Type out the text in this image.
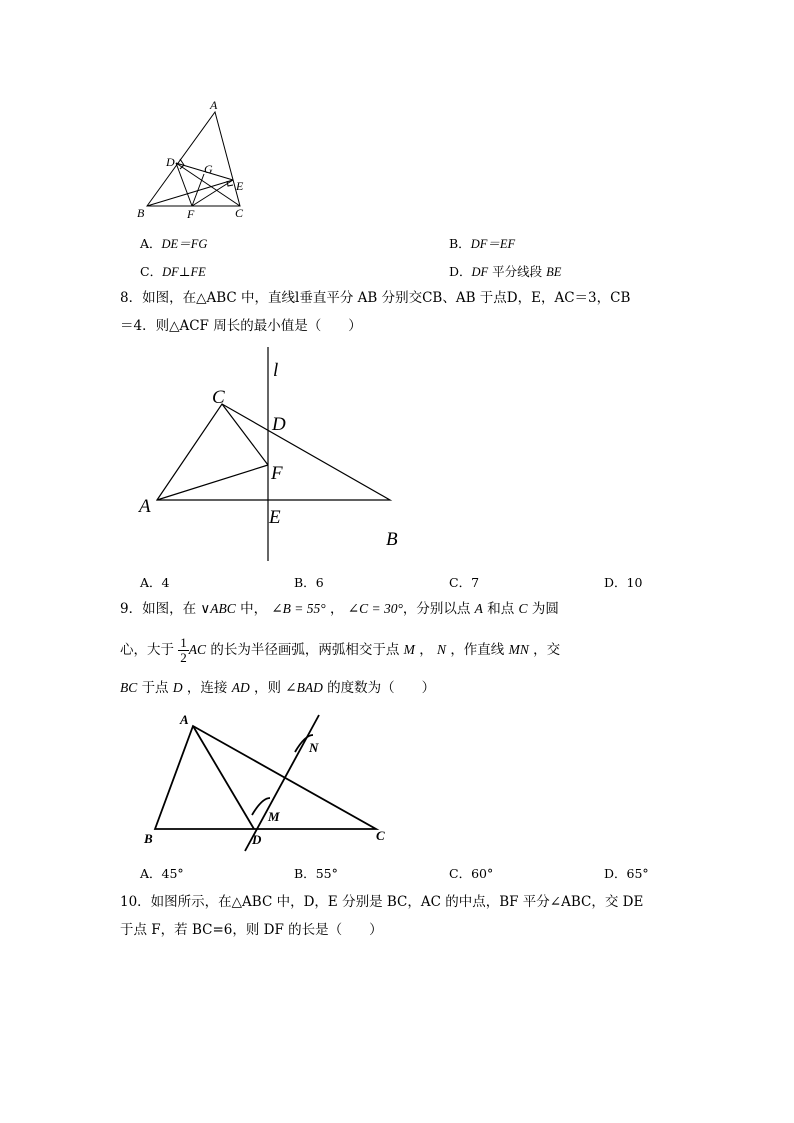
A
B	C
D
E
F
G
A．DE＝FG	B．DF＝EF
C．DF⊥FE	D．DF 平分线段 BE
8．如图，在△ABC 中，直线l垂直平分 AB 分别交CB、AB 于点D，E，AC＝3，CB
＝4．则△ACF 周长的最小值是（　　）
l
C
D
F
A
E
B
A．4	B．6	C．7	D．10
9．如图，在 ∨ABC 中， ∠B = 55° ， ∠C = 30°，分别以点 A 和点 C 为圆
心，大于 $\frac{1}{2}$ AC 的长为半径画弧，两弧相交于点 M ， N ，作直线 MN ，交
BC 于点 D ，连接 AD ，则 ∠BAD 的度数为（　　）
A
B	C
D
M
N
A．45°	B．55°	C．60°	D．65°
10．如图所示，在△ABC 中，D，E 分别是 BC，AC 的中点，BF 平分∠ABC，交 DE
于点 F，若 BC=6，则 DF 的长是（　　）
